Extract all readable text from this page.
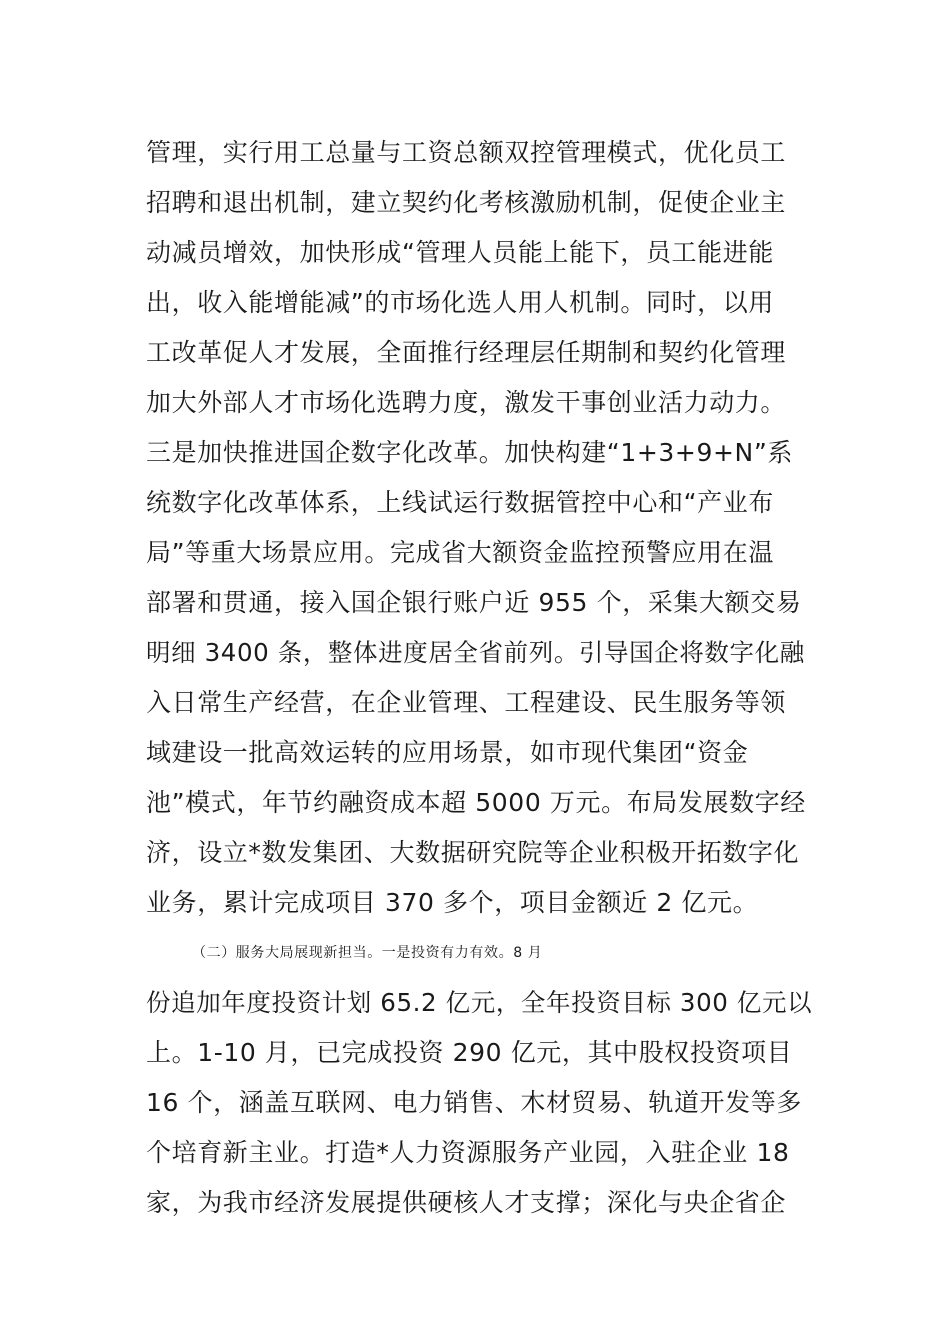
管理，实行用工总量与工资总额双控管理模式，优化员工
招聘和退出机制，建立契约化考核激励机制，促使企业主
动减员增效，加快形成“管理人员能上能下，员工能进能
出，收入能增能减”的市场化选人用人机制。同时，以用
工改革促人才发展，全面推行经理层任期制和契约化管理
加大外部人才市场化选聘力度，激发干事创业活力动力。
三是加快推进国企数字化改革。加快构建“1+3+9+N”系
统数字化改革体系，上线试运行数据管控中心和“产业布
局”等重大场景应用。完成省大额资金监控预警应用在温
部署和贯通，接入国企银行账户近 955 个，采集大额交易
明细 3400 条，整体进度居全省前列。引导国企将数字化融
入日常生产经营，在企业管理、工程建设、民生服务等领
域建设一批高效运转的应用场景，如市现代集团“资金
池”模式，年节约融资成本超 5000 万元。布局发展数字经
济，设立*数发集团、大数据研究院等企业积极开拓数字化
业务，累计完成项目 370 多个，项目金额近 2 亿元。
（二）服务大局展现新担当。一是投资有力有效。8 月
份追加年度投资计划 65.2 亿元，全年投资目标 300 亿元以
上。1-10 月，已完成投资 290 亿元，其中股权投资项目
16 个，涵盖互联网、电力销售、木材贸易、轨道开发等多
个培育新主业。打造*人力资源服务产业园，入驻企业 18
家，为我市经济发展提供硬核人才支撑；深化与央企省企
